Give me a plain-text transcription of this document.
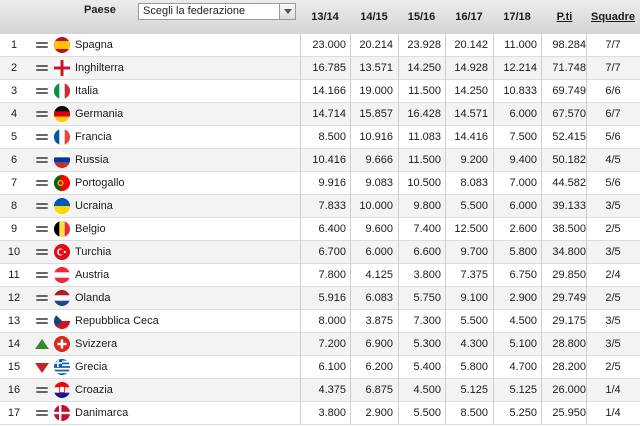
Paese Scegli la federazione	13/14	14/15	15/16	16/17	17/18	P.ti	Squadre
1	Spagna	23.000	20.214	23.928	20.142	11.000	98.284	7/7
2	Inghilterra	16.785	13.571	14.250	14.928	12.214	71.748	7/7
3	Italia	14.166	19.000	11.500	14.250	10.833	69.749	6/6
4	Germania	14.714	15.857	16.428	14.571	6.000	67.570	6/7
5	Francia	8.500	10.916	11.083	14.416	7.500	52.415	5/6
6	Russia	10.416	9.666	11.500	9.200	9.400	50.182	4/5
7	Portogallo	9.916	9.083	10.500	8.083	7.000	44.582	5/6
8	Ucraina	7.833	10.000	9.800	5.500	6.000	39.133	3/5
9	Belgio	6.400	9.600	7.400	12.500	2.600	38.500	2/5
10	Turchia	6.700	6.000	6.600	9.700	5.800	34.800	3/5
11	Austria	7.800	4.125	3.800	7.375	6.750	29.850	2/4
12	Olanda	5.916	6.083	5.750	9.100	2.900	29.749	2/5
13	Repubblica Ceca	8.000	3.875	7.300	5.500	4.500	29.175	3/5
14	Svizzera	7.200	6.900	5.300	4.300	5.100	28.800	3/5
15	Grecia	6.100	6.200	5.400	5.800	4.700	28.200	2/5
16	Croazia	4.375	6.875	4.500	5.125	5.125	26.000	1/4
17	Danimarca	3.800	2.900	5.500	8.500	5.250	25.950	1/4
